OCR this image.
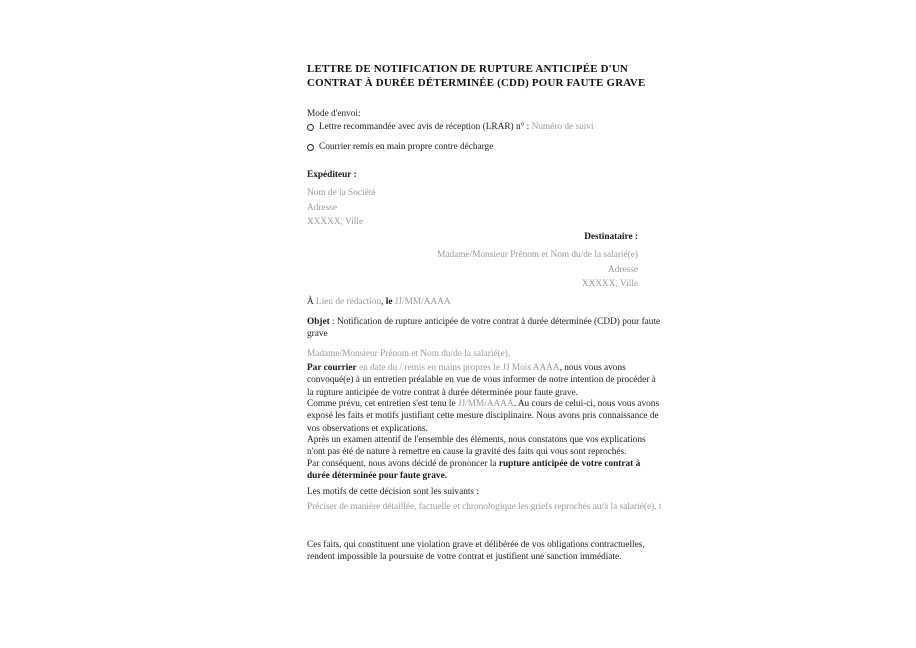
LETTRE DE NOTIFICATION DE RUPTURE ANTICIPÉE D'UN
CONTRAT À DURÉE DÉTERMINÉE (CDD) POUR FAUTE GRAVE
Mode d'envoi:
Lettre recommandée avec avis de réception (LRAR) n° : Numéro de suivi
Courrier remis en main propre contre décharge
Expéditeur :
Nom de la Société
Adresse
XXXXX, Ville
Destinataire :
Madame/Monsieur Prénom et Nom du/de la salarié(e)
Adresse
XXXXX, Ville
À Lieu de rédaction, le JJ/MM/AAAA
Objet : Notification de rupture anticipée de votre contrat à durée déterminée (CDD) pour faute
grave
Madame/Monsieur Prénom et Nom du/de la salarié(e),
Par courrier en date du / remis en mains propres le JJ Mois AAAA, nous vous avons
convoqué(e) à un entretien préalable en vue de vous informer de notre intention de procéder à
la rupture anticipée de votre contrat à durée déterminée pour faute grave.
Comme prévu, cet entretien s'est tenu le JJ/MM/AAAA. Au cours de celui-ci, nous vous avons
exposé les faits et motifs justifiant cette mesure disciplinaire. Nous avons pris connaissance de
vos observations et explications.
Après un examen attentif de l'ensemble des éléments, nous constatons que vos explications
n'ont pas été de nature à remettre en cause la gravité des faits qui vous sont reprochés.
Par conséquent, nous avons décidé de prononcer la rupture anticipée de votre contrat à
durée déterminée pour faute grave.
Les motifs de cette décision sont les suivants :
Préciser de manière détaillée, factuelle et chronologique les griefs reprochés au/à la salarié(e), t
Ces faits, qui constituent une violation grave et délibérée de vos obligations contractuelles,
rendent impossible la poursuite de votre contrat et justifient une sanction immédiate.
